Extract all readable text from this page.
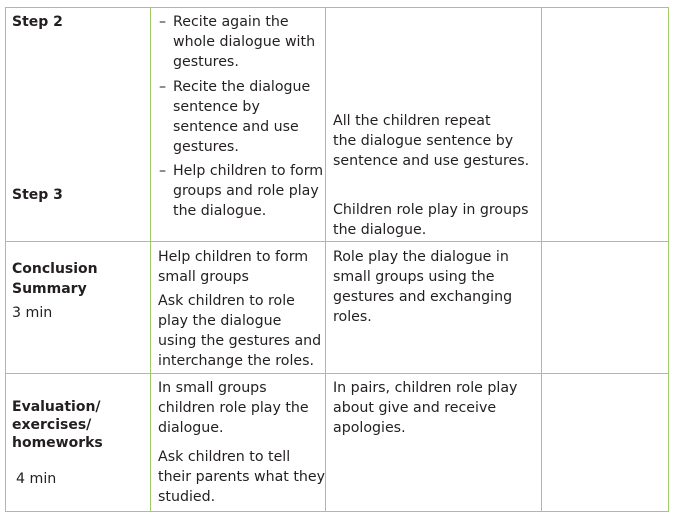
Step 2	– Recite again the
whole dialogue with
gestures.
– Recite the dialogue
sentence by
sentence and use
gestures.
– Help children to form
groups and role play
the dialogue.
All the children repeat
the dialogue sentence by
sentence and use gestures.
Step 3
Children role play in groups
the dialogue.
Conclusion
Summary
3 min
Help children to form
small groups
Ask children to role
play the dialogue
using the gestures and
interchange the roles.
Role play the dialogue in
small groups using the
gestures and exchanging
roles.
Evaluation/
exercises/
homeworks
4 min
In small groups
children role play the
dialogue.
Ask children to tell
their parents what they
studied.
In pairs, children role play
about give and receive
apologies.
